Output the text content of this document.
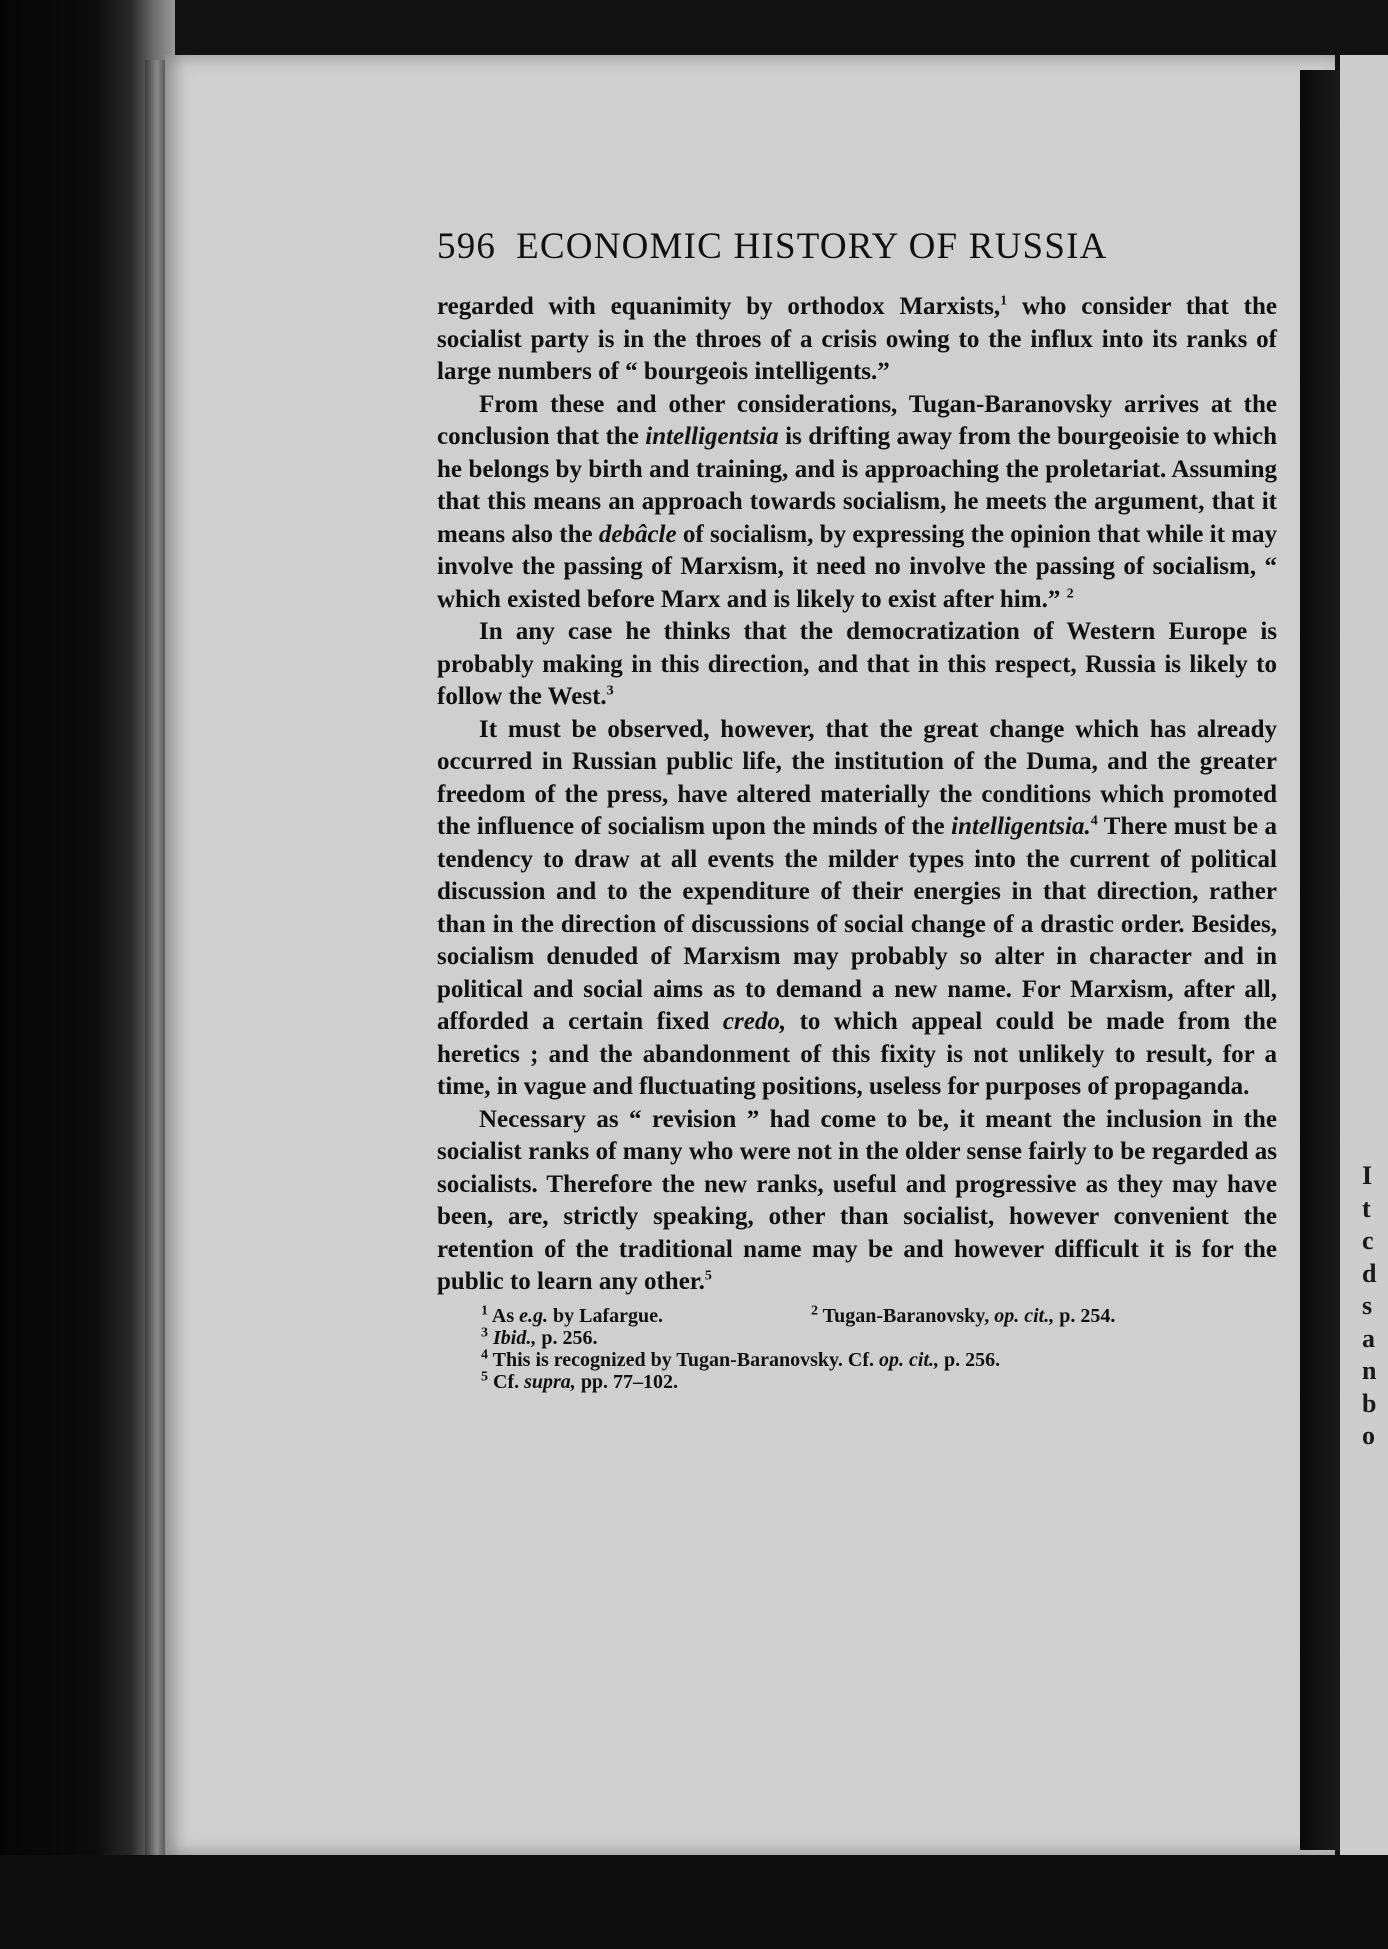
I
t
c
d
s
a
n
b
o
596 ECONOMIC HISTORY OF RUSSIA

regarded with equanimity by orthodox Marxists,$^1$ who consider that the socialist party is in the throes of a crisis owing to the influx into its ranks of large numbers of “ bourgeois intelligents.”

From these and other considerations, Tugan-Baranovsky arrives at the conclusion that the intelligentsia is drifting away from the bourgeoisie to which he belongs by birth and training, and is approaching the proletariat. Assuming that this means an approach towards socialism, he meets the argument, that it means also the debâcle of socialism, by expressing the opinion that while it may involve the passing of Marxism, it need no involve the passing of socialism, “ which existed before Marx and is likely to exist after him.” $^2$

In any case he thinks that the democratization of Western Europe is probably making in this direction, and that in this respect, Russia is likely to follow the West.$^3$

It must be observed, however, that the great change which has already occurred in Russian public life, the institution of the Duma, and the greater freedom of the press, have altered materially the conditions which promoted the influence of socialism upon the minds of the intelligentsia.$^4$ There must be a tendency to draw at all events the milder types into the current of political discussion and to the expenditure of their energies in that direction, rather than in the direction of discussions of social change of a drastic order. Besides, socialism denuded of Marxism may probably so alter in character and in political and social aims as to demand a new name. For Marxism, after all, afforded a certain fixed credo, to which appeal could be made from the heretics ; and the abandonment of this fixity is not unlikely to result, for a time, in vague and fluctuating positions, useless for purposes of propaganda.

Necessary as “ revision ” had come to be, it meant the inclusion in the socialist ranks of many who were not in the older sense fairly to be regarded as socialists. Therefore the new ranks, useful and progressive as they may have been, are, strictly speaking, other than socialist, however convenient the retention of the traditional name may be and however difficult it is for the public to learn any other.$^5$

$^1$ As e.g. by Lafargue.	$^2$ Tugan-Baranovsky, op. cit., p. 254.
$^3$ Ibid., p. 256.
$^4$ This is recognized by Tugan-Baranovsky. Cf. op. cit., p. 256.
$^5$ Cf. supra, pp. 77–102.
